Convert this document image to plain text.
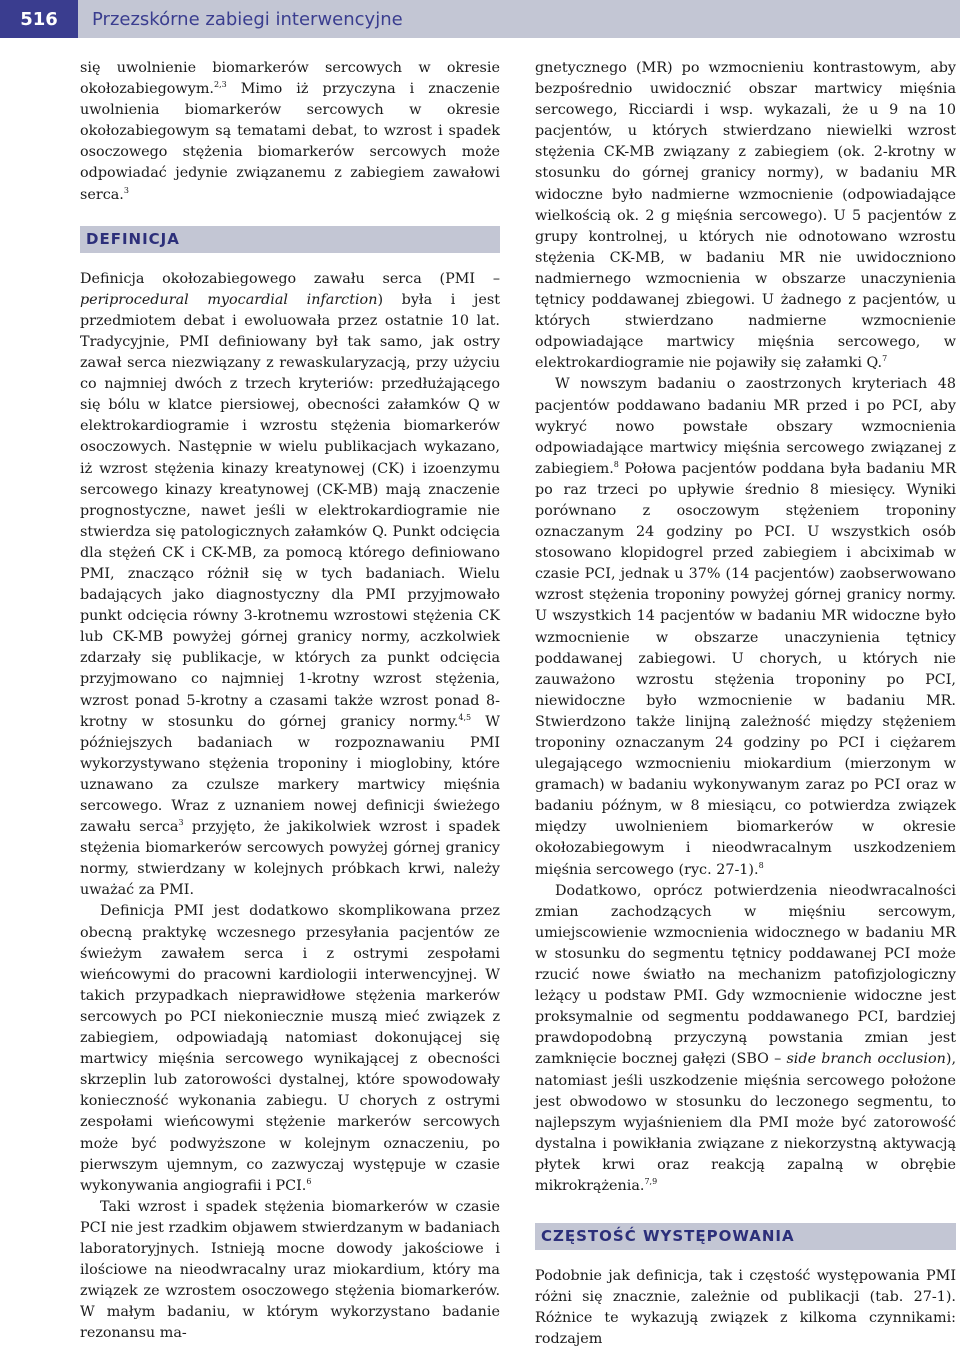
516	Przezskórne zabiegi interwencyjne

się uwolnienie biomarkerów sercowych w okresie okołozabiegowym.$^{2,3}$ Mimo iż przyczyna i znaczenie uwolnienia biomarkerów sercowych w okresie okołozabiegowym są tematami debat, to wzrost i spadek osoczowego stężenia biomarkerów sercowych może odpowiadać jedynie związanemu z zabiegiem zawałowi serca.$^3$

DEFINICJA

Definicja okołozabiegowego zawału serca (PMI – periprocedural myocardial infarction) była i jest przedmiotem debat i ewoluowała przez ostatnie 10 lat. Tradycyjnie, PMI definiowany był tak samo, jak ostry zawał serca niezwiązany z rewaskularyzacją, przy użyciu co najmniej dwóch z trzech kryteriów: przedłużającego się bólu w klatce piersiowej, obecności załamków Q w elektrokardiogramie i wzrostu stężenia biomarkerów osoczowych. Następnie w wielu publikacjach wykazano, iż wzrost stężenia kinazy kreatynowej (CK) i izoenzymu sercowego kinazy kreatynowej (CK-MB) mają znaczenie prognostyczne, nawet jeśli w elektrokardiogramie nie stwierdza się patologicznych załamków Q. Punkt odcięcia dla stężeń CK i CK-MB, za pomocą którego definiowano PMI, znacząco różnił się w tych badaniach. Wielu badających jako diagnostyczny dla PMI przyjmowało punkt odcięcia równy 3-krotnemu wzrostowi stężenia CK lub CK-MB powyżej górnej granicy normy, aczkolwiek zdarzały się publikacje, w których za punkt odcięcia przyjmowano co najmniej 1-krotny wzrost stężenia, wzrost ponad 5-krotny a czasami także wzrost ponad 8-krotny w stosunku do górnej granicy normy.$^{4,5}$ W późniejszych badaniach w rozpoznawaniu PMI wykorzystywano stężenia troponiny i mioglobiny, które uznawano za czulsze markery martwicy mięśnia sercowego. Wraz z uznaniem nowej definicji świeżego zawału serca$^3$ przyjęto, że jakikolwiek wzrost i spadek stężenia biomarkerów sercowych powyżej górnej granicy normy, stwierdzany w kolejnych próbkach krwi, należy uważać za PMI.

Definicja PMI jest dodatkowo skomplikowana przez obecną praktykę wczesnego przesyłania pacjentów ze świeżym zawałem serca i z ostrymi zespołami wieńcowymi do pracowni kardiologii interwencyjnej. W takich przypadkach nieprawidłowe stężenia markerów sercowych po PCI niekoniecznie muszą mieć związek z zabiegiem, odpowiadają natomiast dokonującej się martwicy mięśnia sercowego wynikającej z obecności skrzeplin lub zatorowości dystalnej, które spowodowały konieczność wykonania zabiegu. U chorych z ostrymi zespołami wieńcowymi stężenie markerów sercowych może być podwyższone w kolejnym oznaczeniu, po pierwszym ujemnym, co zazwyczaj występuje w czasie wykonywania angiografii i PCI.$^6$

Taki wzrost i spadek stężenia biomarkerów w czasie PCI nie jest rzadkim objawem stwierdzanym w badaniach laboratoryjnych. Istnieją mocne dowody jakościowe i ilościowe na nieodwracalny uraz miokardium, który ma związek ze wzrostem osoczowego stężenia biomarkerów. W małym badaniu, w którym wykorzystano badanie rezonansu ma-

gnetycznego (MR) po wzmocnieniu kontrastowym, aby bezpośrednio uwidocznić obszar martwicy mięśnia sercowego, Ricciardi i wsp. wykazali, że u 9 na 10 pacjentów, u których stwierdzano niewielki wzrost stężenia CK-MB związany z zabiegiem (ok. 2-krotny w stosunku do górnej granicy normy), w badaniu MR widoczne było nadmierne wzmocnienie (odpowiadające wielkością ok. 2 g mięśnia sercowego). U 5 pacjentów z grupy kontrolnej, u których nie odnotowano wzrostu stężenia CK-MB, w badaniu MR nie uwidoczniono nadmiernego wzmocnienia w obszarze unaczynienia tętnicy poddawanej zbiegowi. U żadnego z pacjentów, u których stwierdzano nadmierne wzmocnienie odpowiadające martwicy mięśnia sercowego, w elektrokardiogramie nie pojawiły się załamki Q.$^7$

W nowszym badaniu o zaostrzonych kryteriach 48 pacjentów poddawano badaniu MR przed i po PCI, aby wykryć nowo powstałe obszary wzmocnienia odpowiadające martwicy mięśnia sercowego związanej z zabiegiem.$^8$ Połowa pacjentów poddana była badaniu MR po raz trzeci po upływie średnio 8 miesięcy. Wyniki porównano z osoczowym stężeniem troponiny oznaczanym 24 godziny po PCI. U wszystkich osób stosowano klopidogrel przed zabiegiem i abciximab w czasie PCI, jednak u 37% (14 pacjentów) zaobserwowano wzrost stężenia troponiny powyżej górnej granicy normy. U wszystkich 14 pacjentów w badaniu MR widoczne było wzmocnienie w obszarze unaczynienia tętnicy poddawanej zabiegowi. U chorych, u których nie zauważono wzrostu stężenia troponiny po PCI, niewidoczne było wzmocnienie w badaniu MR. Stwierdzono także linijną zależność między stężeniem troponiny oznaczanym 24 godziny po PCI i ciężarem ulegającego wzmocnieniu miokardium (mierzonym w gramach) w badaniu wykonywanym zaraz po PCI oraz w badaniu późnym, w 8 miesiącu, co potwierdza związek między uwolnieniem biomarkerów w okresie okołozabiegowym i nieodwracalnym uszkodzeniem mięśnia sercowego (ryc. 27-1).$^8$

Dodatkowo, oprócz potwierdzenia nieodwracalności zmian zachodzących w mięśniu sercowym, umiejscowienie wzmocnienia widocznego w badaniu MR w stosunku do segmentu tętnicy poddawanej PCI może rzucić nowe światło na mechanizm patofizjologiczny leżący u podstaw PMI. Gdy wzmocnienie widoczne jest proksymalnie od segmentu poddawanego PCI, bardziej prawdopodobną przyczyną powstania zmian jest zamknięcie bocznej gałęzi (SBO – side branch occlusion), natomiast jeśli uszkodzenie mięśnia sercowego położone jest obwodowo w stosunku do leczonego segmentu, to najlepszym wyjaśnieniem dla PMI może być zatorowość dystalna i powikłania związane z niekorzystną aktywacją płytek krwi oraz reakcją zapalną w obrębie mikrokrążenia.$^{7,9}$

CZĘSTOŚĆ WYSTĘPOWANIA

Podobnie jak definicja, tak i częstość występowania PMI różni się znacznie, zależnie od publikacji (tab. 27-1). Różnice te wykazują związek z kilkoma czynnikami: rodzajem
